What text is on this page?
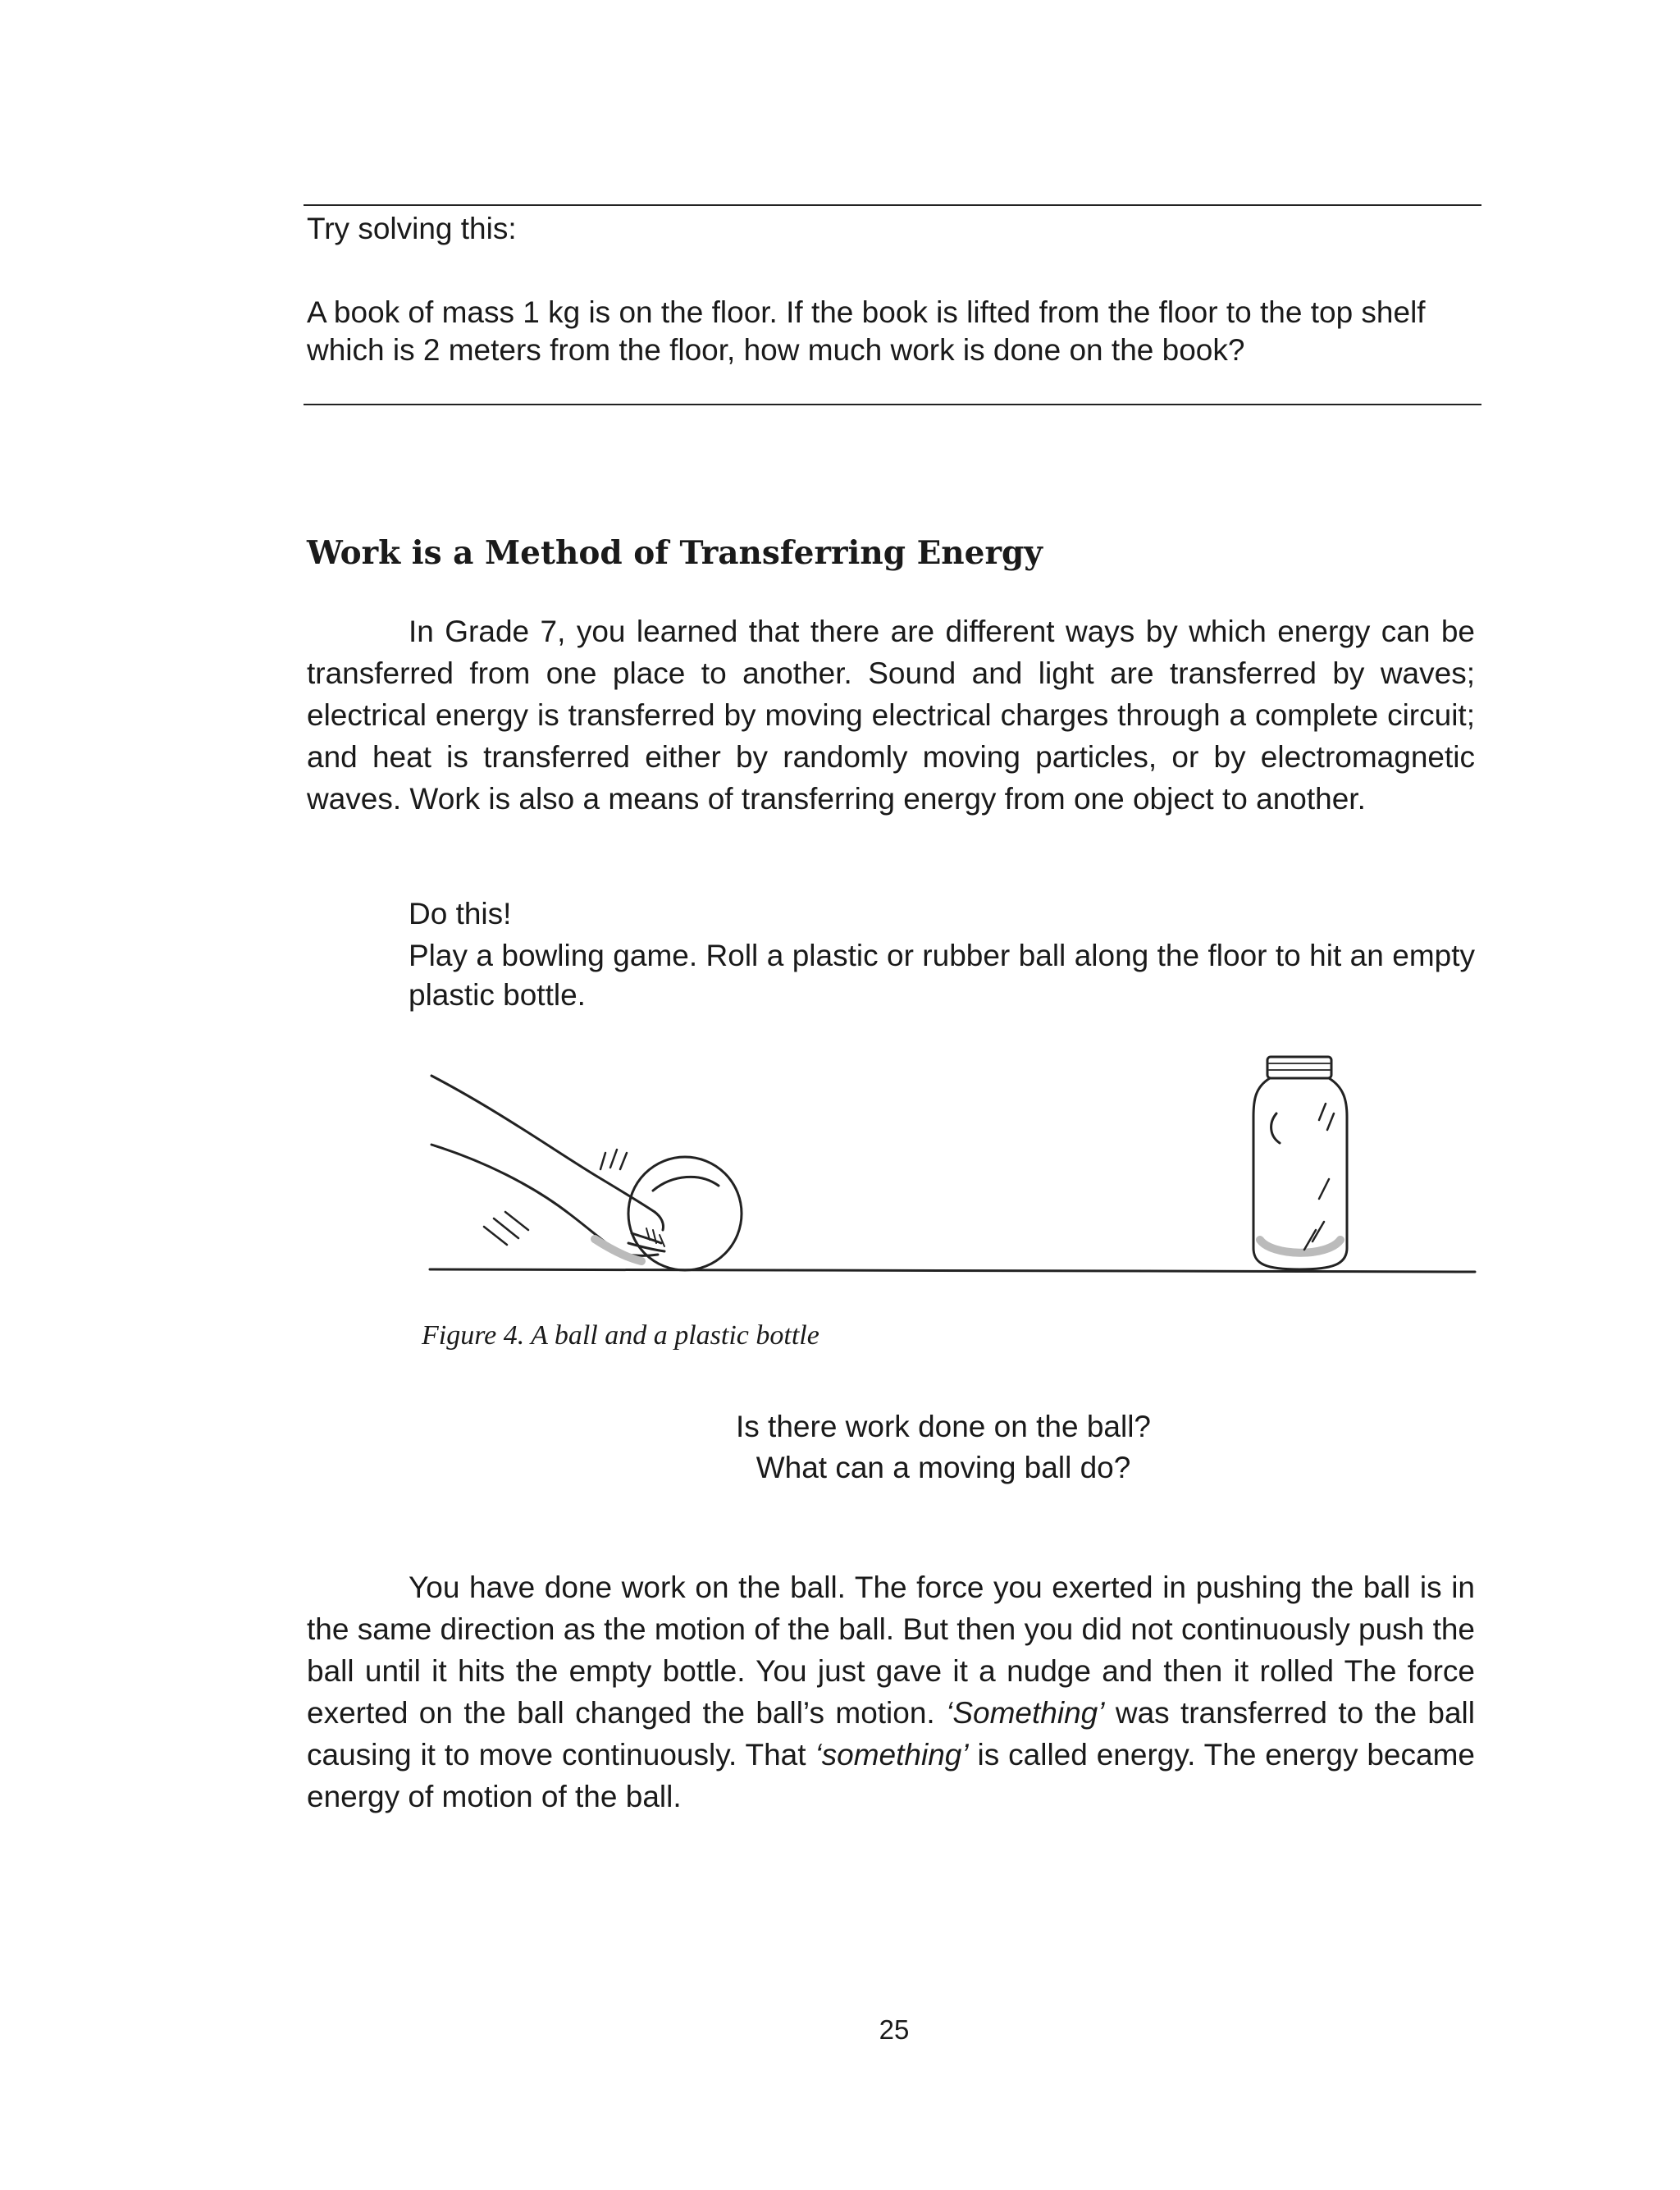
Try solving this:
A book of mass 1 kg is on the floor. If the book is lifted from the floor to the top shelf which is 2 meters from the floor, how much work is done on the book?
Work is a Method of Transferring Energy

In Grade 7, you learned that there are different ways by which energy can be transferred from one place to another. Sound and light are transferred by waves; electrical energy is transferred by moving electrical charges through a complete circuit; and heat is transferred either by randomly moving particles, or by electromagnetic waves. Work is also a means of transferring energy from one object to another.

Do this!

Play a bowling game. Roll a plastic or rubber ball along the floor to hit an empty plastic bottle.

Figure 4. A ball and a plastic bottle
Is there work done on the ball?
What can a moving ball do?

You have done work on the ball. The force you exerted in pushing the ball is in the same direction as the motion of the ball. But then you did not continuously push the ball until it hits the empty bottle. You just gave it a nudge and then it rolled The force exerted on the ball changed the ball’s motion. ‘Something’ was transferred to the ball causing it to move continuously. That ‘something’ is called energy. The energy became energy of motion of the ball.

25
